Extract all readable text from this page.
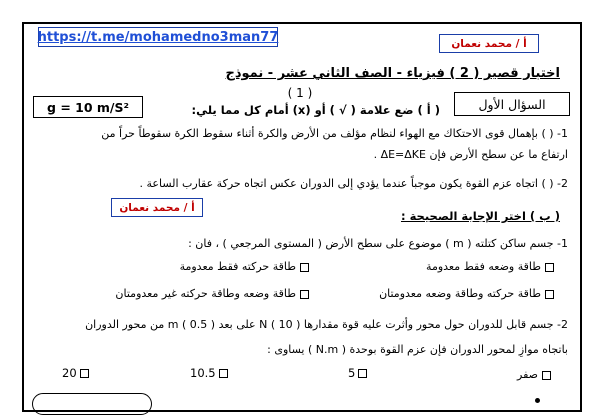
https://t.me/mohamedno3man77	أ / محمد نعمان
اختبار قصير ( 2 ) فيزياء - الصف الثاني عشر - نموذج
( 1 )
g = 10 m/S²	السؤال الأول
( أ ) ضع علامة ( √ ) أو (x) أمام كل مما يلي:
1- ( ) بإهمال قوى الاحتكاك مع الهواء لنظام مؤلف من الأرض والكرة أثناء سقوط الكرة سقوطاً حراً من
ارتفاع ما عن سطح الأرض فإن ΔE=ΔKE .
2- ( ) اتجاه عزم القوة يكون موجباً عندما يؤدي إلى الدوران عكس اتجاه حركة عقارب الساعة .
أ / محمد نعمان
( ب ) اختر الإجابة الصحيحة :
1- جسم ساكن كتلته ( m ) موضوع على سطح الأرض ( المستوى المرجعي ) ، فان :
طاقة وضعه فقط معدومة
طاقة حركته فقط معدومة
طاقة حركته وطاقة وضعه معدومتان
طاقة وضعه وطاقة حركته غير معدومتان
2- جسم قابل للدوران حول محور وأثرت عليه قوة مقدارها N ( 10 ) على بعد m ( 0.5 ) من محور الدوران
باتجاه موازِ لمحور الدوران فإن عزم القوة بوحدة ( N.m ) يساوى :
صفر
5
10.5
20
